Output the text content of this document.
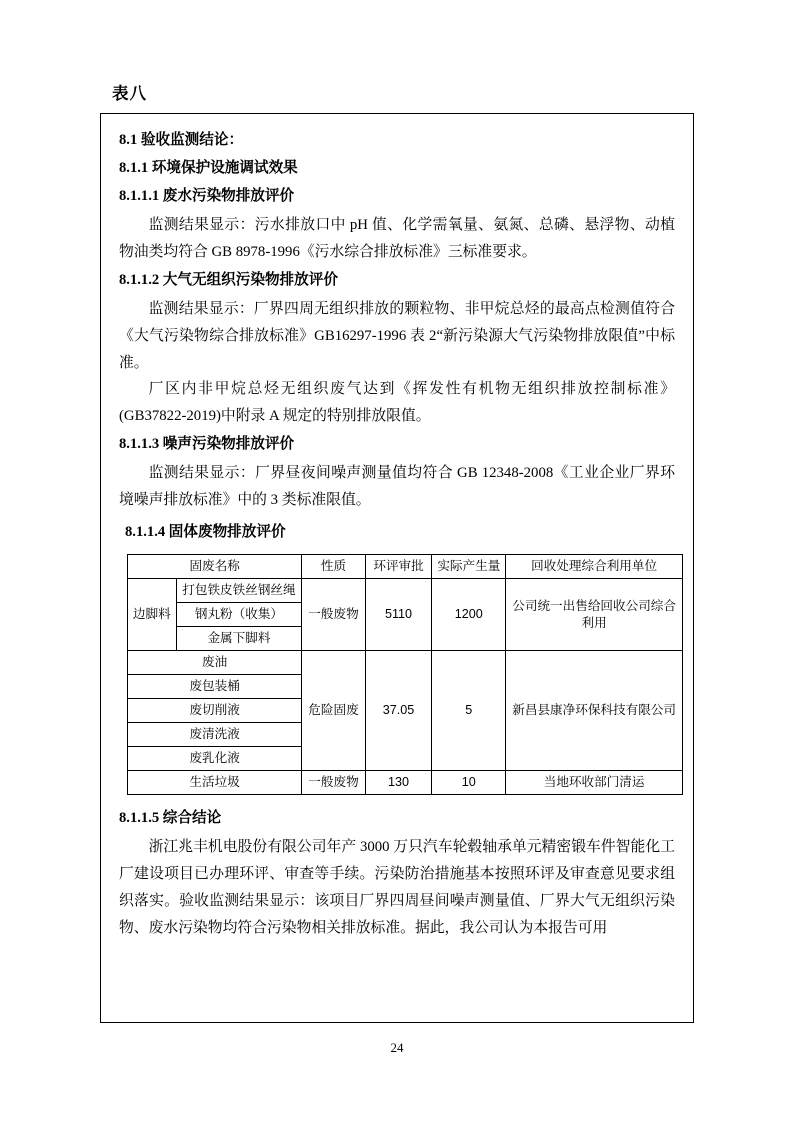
表八
8.1 验收监测结论：
8.1.1 环境保护设施调试效果
8.1.1.1 废水污染物排放评价

监测结果显示：污水排放口中 pH 值、化学需氧量、氨氮、总磷、悬浮物、动植物油类均符合 GB 8978-1996《污水综合排放标准》三标准要求。

8.1.1.2 大气无组织污染物排放评价

监测结果显示：厂界四周无组织排放的颗粒物、非甲烷总烃的最高点检测值符合《大气污染物综合排放标准》GB16297-1996 表 2“新污染源大气污染物排放限值”中标准。

厂区内非甲烷总烃无组织废气达到《挥发性有机物无组织排放控制标准》(GB37822-2019)中附录 A 规定的特别排放限值。

8.1.1.3 噪声污染物排放评价

监测结果显示：厂界昼夜间噪声测量值均符合 GB 12348-2008《工业企业厂界环境噪声排放标准》中的 3 类标准限值。

8.1.1.4 固体废物排放评价
固废名称		性质	环评审批	实际产生量	回收处理综合利用单位
边脚料	打包铁皮铁丝钢丝绳	一般废物	5110	1200	公司统一出售给回收公司综合利用
	钢丸粉（收集）				
	金属下脚料				
废油		危险固废	37.05	5	新昌县康净环保科技有限公司
废包装桶					
废切削液					
废清洗液					
废乳化液					
生活垃圾		一般废物	130	10	当地环收部门清运
8.1.1.5 综合结论

浙江兆丰机电股份有限公司年产 3000 万只汽车轮毂轴承单元精密锻车件智能化工厂建设项目已办理环评、审查等手续。污染防治措施基本按照环评及审查意见要求组织落实。验收监测结果显示：该项目厂界四周昼间噪声测量值、厂界大气无组织污染物、废水污染物均符合污染物相关排放标准。据此，我公司认为本报告可用

24
